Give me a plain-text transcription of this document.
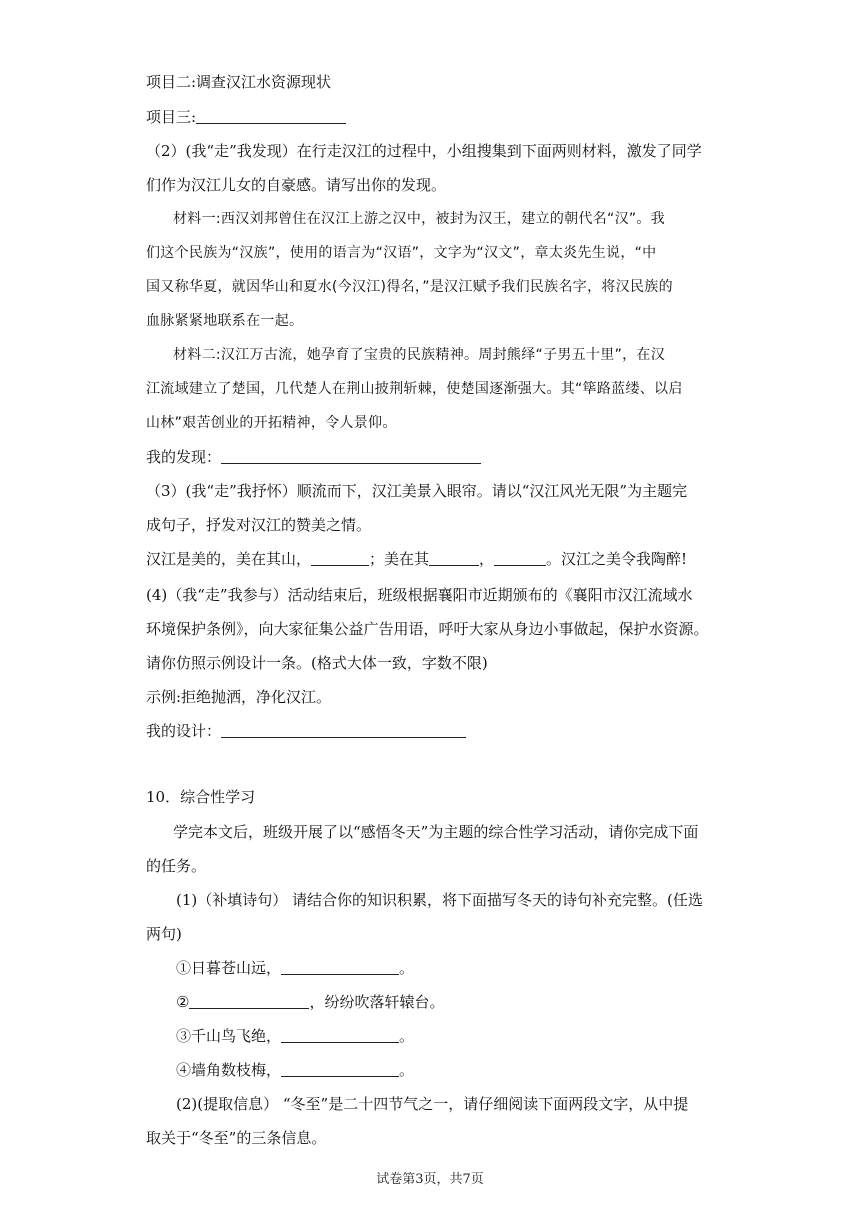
项目二:调查汉江水资源现状
项目三:
（2）(我“走”我发现）在行走汉江的过程中，小组搜集到下面两则材料，激发了同学
们作为汉江儿女的自豪感。请写出你的发现。
材料一:西汉刘邦曾住在汉江上游之汉中，被封为汉王，建立的朝代名“汉”。我
们这个民族为“汉族”，使用的语言为“汉语”，文字为“汉文”，章太炎先生说，“中
国又称华夏，就因华山和夏水(今汉江)得名，”是汉江赋予我们民族名字，将汉民族的
血脉紧紧地联系在一起。
材料二:汉江万古流，她孕育了宝贵的民族精神。周封熊绎“子男五十里”，在汉
江流域建立了楚国，几代楚人在荆山披荆斩棘，使楚国逐渐强大。其“筚路蓝缕、以启
山林”艰苦创业的开拓精神，令人景仰。
我的发现：
（3）(我“走”我抒怀）顺流而下，汉江美景入眼帘。请以“汉江风光无限”为主题完
成句子，抒发对汉江的赞美之情。
汉江是美的，美在其山，	；美在其	，	。汉江之美令我陶醉!
(4)（我“走”我参与）活动结束后，班级根据襄阳市近期颁布的《襄阳市汉江流域水
环境保护条例》，向大家征集公益广告用语，呼吁大家从身边小事做起，保护水资源。
请你仿照示例设计一条。(格式大体一致，字数不限)
示例:拒绝抛洒，净化汉江。
我的设计：
10．综合性学习
学完本文后，班级开展了以“感悟冬天”为主题的综合性学习活动，请你完成下面
的任务。
(1)（补填诗句） 请结合你的知识积累，将下面描写冬天的诗句补充完整。(任选
两句)
①日暮苍山远，	。
②	，纷纷吹落轩辕台。
③千山鸟飞绝，	。
④墙角数枝梅，	。
(2)(提取信息） “冬至”是二十四节气之一，请仔细阅读下面两段文字，从中提
取关于“冬至”的三条信息。
试卷第3页，共7页
